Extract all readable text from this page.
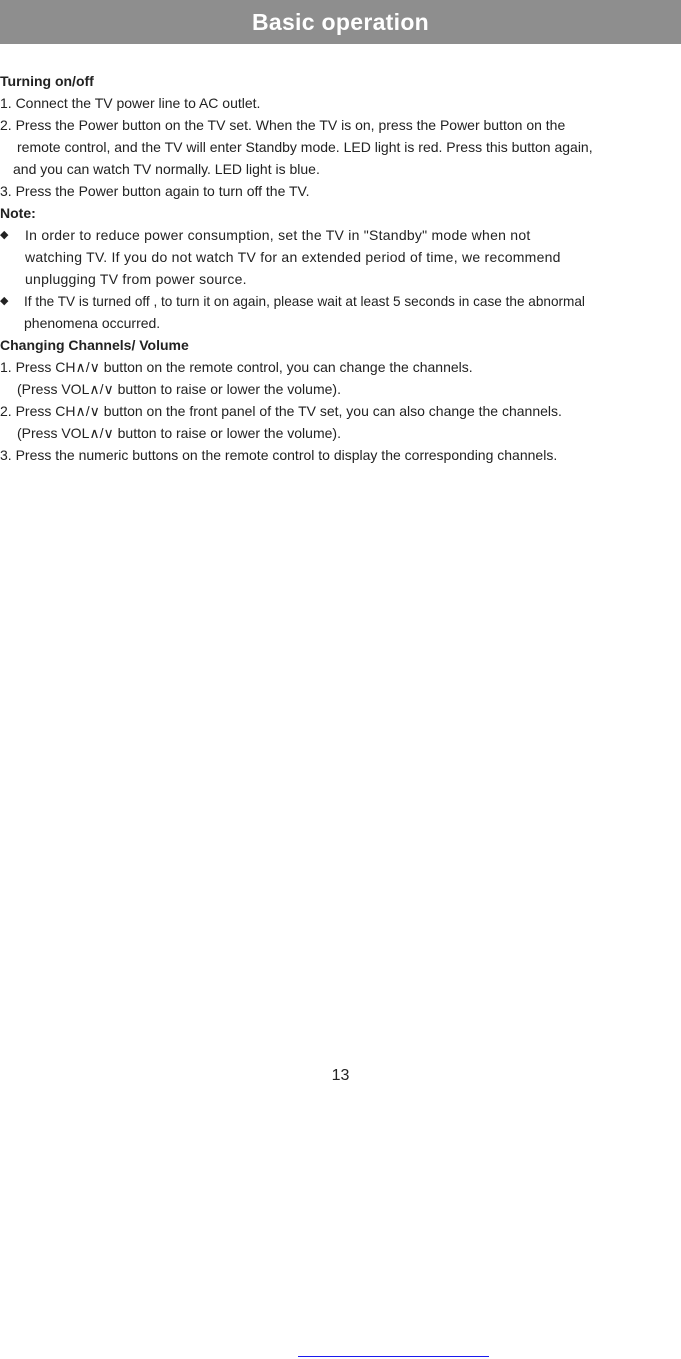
Basic operation

Turning on/off

1. Connect the TV power line to AC outlet.

2. Press the Power button on the TV set. When the TV is on, press the Power button on the

remote control, and the TV will enter Standby mode. LED light is red. Press this button again,

and you can watch TV normally. LED light is blue.

3. Press the Power button again to turn off the TV.

Note:

◆ In order to reduce power consumption, set the TV in "Standby" mode when not

watching TV. If you do not watch TV for an extended period of time, we recommend

unplugging TV from power source.

◆ If the TV is turned off , to turn it on again, please wait at least 5 seconds in case the abnormal

phenomena occurred.

Changing Channels/ Volume

1. Press CH∧/∨ button on the remote control, you can change the channels.

(Press VOL∧/∨ button to raise or lower the volume).

2. Press CH∧/∨ button on the front panel of the TV set, you can also change the channels.

(Press VOL∧/∨ button to raise or lower the volume).

3. Press the numeric buttons on the remote control to display the corresponding channels.

13
